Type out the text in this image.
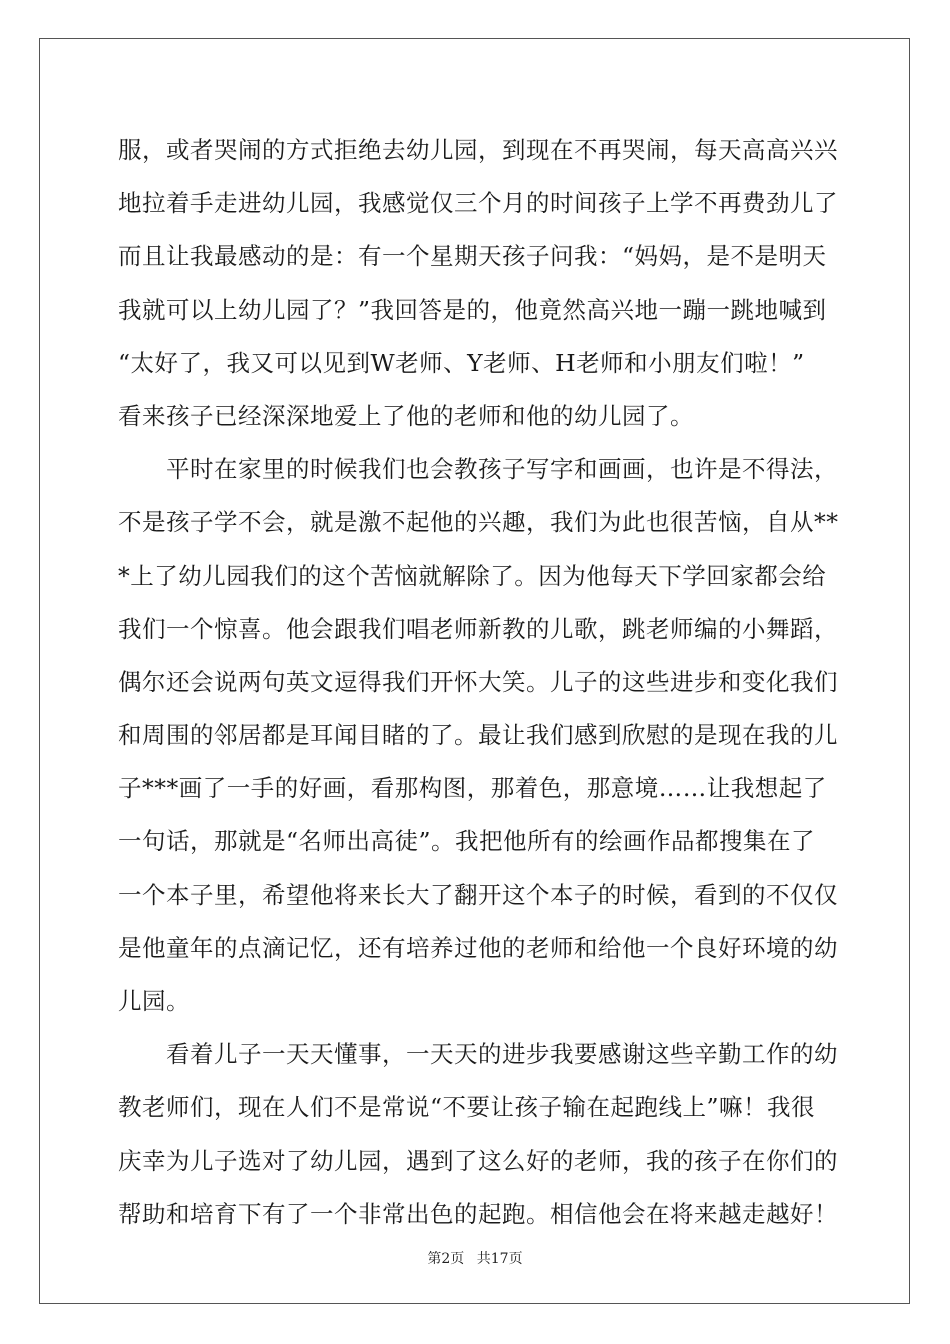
服，或者哭闹的方式拒绝去幼儿园，到现在不再哭闹，每天高高兴兴
地拉着手走进幼儿园，我感觉仅三个月的时间孩子上学不再费劲儿了
而且让我最感动的是：有一个星期天孩子问我：“妈妈，是不是明天
我就可以上幼儿园了？”我回答是的，他竟然高兴地一蹦一跳地喊到
“太好了，我又可以见到W老师、Y老师、H老师和小朋友们啦！”
看来孩子已经深深地爱上了他的老师和他的幼儿园了。
　　平时在家里的时候我们也会教孩子写字和画画，也许是不得法，
不是孩子学不会，就是激不起他的兴趣，我们为此也很苦恼，自从**
*上了幼儿园我们的这个苦恼就解除了。因为他每天下学回家都会给
我们一个惊喜。他会跟我们唱老师新教的儿歌，跳老师编的小舞蹈，
偶尔还会说两句英文逗得我们开怀大笑。儿子的这些进步和变化我们
和周围的邻居都是耳闻目睹的了。最让我们感到欣慰的是现在我的儿
子***画了一手的好画，看那构图，那着色，那意境……让我想起了
一句话，那就是“名师出高徒”。我把他所有的绘画作品都搜集在了
一个本子里，希望他将来长大了翻开这个本子的时候，看到的不仅仅
是他童年的点滴记忆，还有培养过他的老师和给他一个良好环境的幼
儿园。
　　看着儿子一天天懂事，一天天的进步我要感谢这些辛勤工作的幼
教老师们，现在人们不是常说“不要让孩子输在起跑线上”嘛！我很
庆幸为儿子选对了幼儿园，遇到了这么好的老师，我的孩子在你们的
帮助和培育下有了一个非常出色的起跑。相信他会在将来越走越好！
第2页 共17页
